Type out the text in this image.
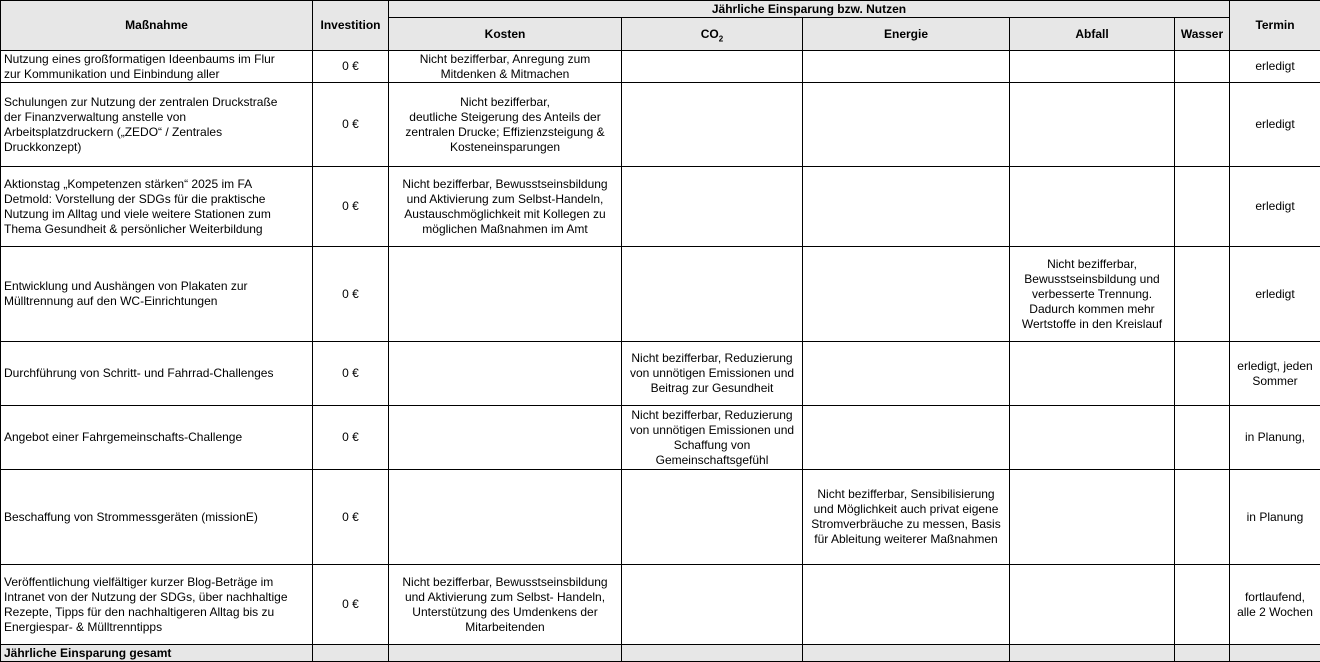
Maßnahme	Investition	Jährliche Einsparung bzw. Nutzen					Termin
		Kosten	$CO_2$	Energie	Abfall	Wasser	

Nutzung eines großformatigen Ideenbaums im Flur
zur Kommunikation und Einbindung aller	0 €	Nicht bezifferbar, Anregung zum
Mitdenken & Mitmachen					erledigt

Schulungen zur Nutzung der zentralen Druckstraße
der Finanzverwaltung anstelle von
Arbeitsplatzdruckern („ZEDO“ / Zentrales
Druckkonzept)	0 €	Nicht bezifferbar,
deutliche Steigerung des Anteils der
zentralen Drucke; Effizienzsteigung &
Kosteneinsparungen					erledigt

Aktionstag „Kompetenzen stärken“ 2025 im FA
Detmold: Vorstellung der SDGs für die praktische
Nutzung im Alltag und viele weitere Stationen zum
Thema Gesundheit & persönlicher Weiterbildung	0 €	Nicht bezifferbar, Bewusstseinsbildung
und Aktivierung zum Selbst-Handeln,
Austauschmöglichkeit mit Kollegen zu
möglichen Maßnahmen im Amt					erledigt

Entwicklung und Aushängen von Plakaten zur
Mülltrennung auf den WC-Einrichtungen	0 €				Nicht bezifferbar,
Bewusstseinsbildung und
verbesserte Trennung.
Dadurch kommen mehr
Wertstoffe in den Kreislauf		erledigt

Durchführung von Schritt- und Fahrrad-Challenges	0 €		Nicht bezifferbar, Reduzierung
von unnötigen Emissionen und
Beitrag zur Gesundheit				erledigt, jeden
Sommer

Angebot einer Fahrgemeinschafts-Challenge	0 €		Nicht bezifferbar, Reduzierung
von unnötigen Emissionen und
Schaffung von
Gemeinschaftsgefühl				in Planung,

Beschaffung von Strommessgeräten (missionE)	0 €			Nicht bezifferbar, Sensibilisierung
und Möglichkeit auch privat eigene
Stromverbräuche zu messen, Basis
für Ableitung weiterer Maßnahmen			in Planung

Veröffentlichung vielfältiger kurzer Blog-Beträge im
Intranet von der Nutzung der SDGs, über nachhaltige
Rezepte, Tipps für den nachhaltigeren Alltag bis zu
Energiespar- & Mülltrenntipps	0 €	Nicht bezifferbar, Bewusstseinsbildung
und Aktivierung zum Selbst- Handeln,
Unterstützung des Umdenkens der
Mitarbeitenden					fortlaufend,
alle 2 Wochen

Jährliche Einsparung gesamt							
